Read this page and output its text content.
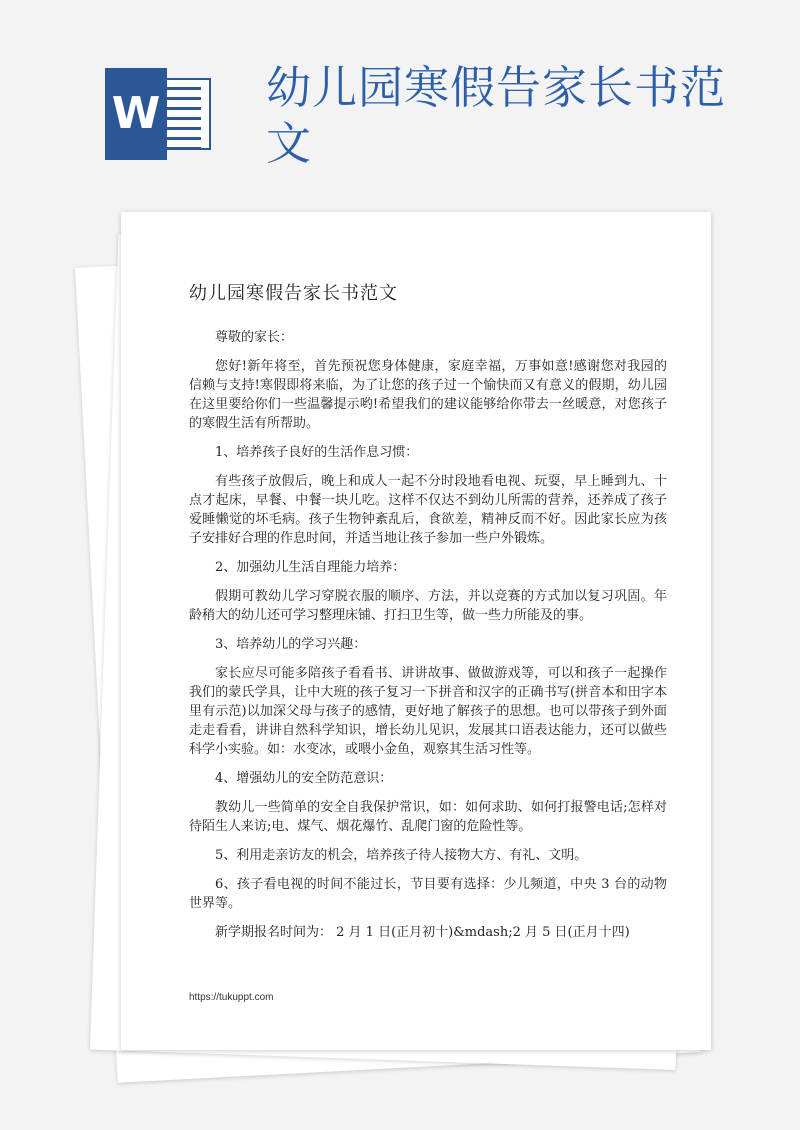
W 幼儿园寒假告家长书范文
幼儿园寒假告家长书范文

尊敬的家长：

您好!新年将至，首先预祝您身体健康，家庭幸福，万事如意!感谢您对我园的信赖与支持!寒假即将来临，为了让您的孩子过一个愉快而又有意义的假期，幼儿园在这里要给你们一些温馨提示哟!希望我们的建议能够给你带去一丝暖意，对您孩子的寒假生活有所帮助。

1、培养孩子良好的生活作息习惯：

有些孩子放假后，晚上和成人一起不分时段地看电视、玩耍，早上睡到九、十点才起床，早餐、中餐一块儿吃。这样不仅达不到幼儿所需的营养，还养成了孩子爱睡懒觉的坏毛病。孩子生物钟紊乱后，食欲差，精神反而不好。因此家长应为孩子安排好合理的作息时间，并适当地让孩子参加一些户外锻炼。

2、加强幼儿生活自理能力培养：

假期可教幼儿学习穿脱衣服的顺序、方法，并以竞赛的方式加以复习巩固。年龄稍大的幼儿还可学习整理床铺、打扫卫生等，做一些力所能及的事。

3、培养幼儿的学习兴趣：

家长应尽可能多陪孩子看看书、讲讲故事、做做游戏等，可以和孩子一起操作我们的蒙氏学具，让中大班的孩子复习一下拼音和汉字的正确书写(拼音本和田字本里有示范)以加深父母与孩子的感情，更好地了解孩子的思想。也可以带孩子到外面走走看看，讲讲自然科学知识，增长幼儿见识，发展其口语表达能力，还可以做些科学小实验。如：水变冰，或喂小金鱼，观察其生活习性等。

4、增强幼儿的安全防范意识：

教幼儿一些简单的安全自我保护常识，如：如何求助、如何打报警电话;怎样对待陌生人来访;电、煤气、烟花爆竹、乱爬门窗的危险性等。

5、利用走亲访友的机会，培养孩子待人接物大方、有礼、文明。

6、孩子看电视的时间不能过长，节目要有选择：少儿频道，中央 3 台的动物世界等。

新学期报名时间为： 2 月 1 日(正月初十)&mdash;2 月 5 日(正月十四)

https://tukuppt.com
